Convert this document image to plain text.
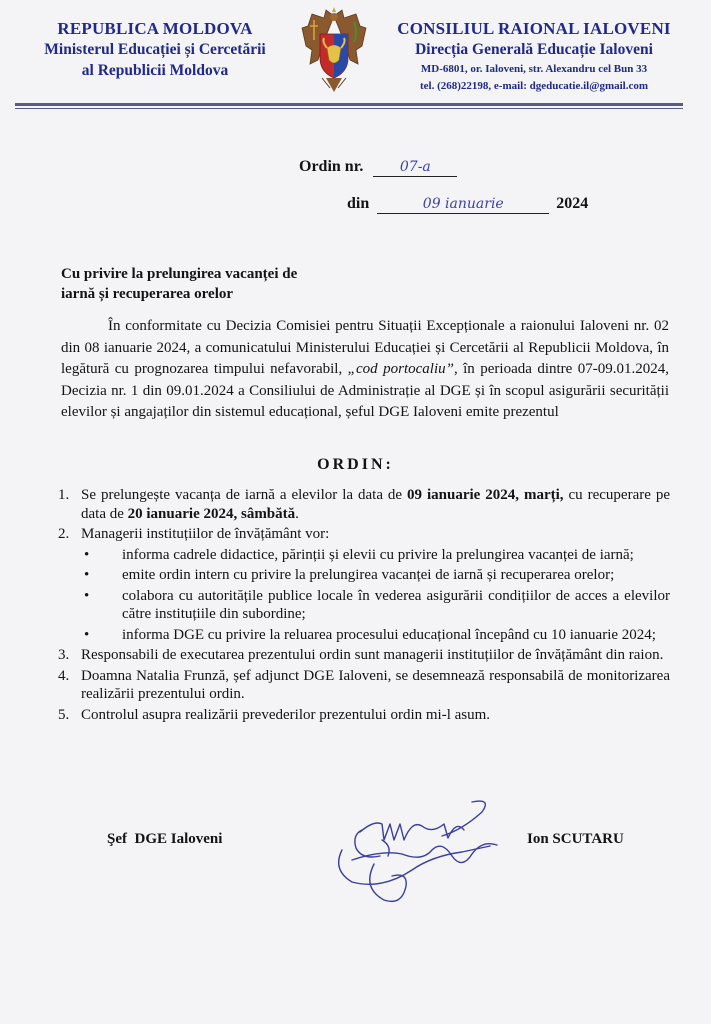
REPUBLICA MOLDOVA
Ministerul Educației și Cercetării
al Republicii Moldova
CONSILIUL RAIONAL IALOVENI
Direcția Generală Educație Ialoveni
MD-6801, or. Ialoveni, str. Alexandru cel Bun 33
tel. (268)22198, e-mail: dgeducatie.il@gmail.com
Ordin nr.	07-a
din	09 ianuarie	2024
Cu privire la prelungirea vacanței de
iarnă și recuperarea orelor
În conformitate cu Decizia Comisiei pentru Situații Excepționale a raionului Ialoveni nr. 02 din 08 ianuarie 2024, a comunicatului Ministerului Educației și Cercetării al Republicii Moldova, în legătură cu prognozarea timpului nefavorabil, „cod portocaliu”, în perioada dintre 07-09.01.2024, Decizia nr. 1 din 09.01.2024 a Consiliului de Administrație al DGE și în scopul asigurării securității elevilor și angajaților din sistemul educațional, șeful DGE Ialoveni emite prezentul
ORDIN:
1. Se prelungește vacanța de iarnă a elevilor la data de 09 ianuarie 2024, marți, cu recuperare pe data de 20 ianuarie 2024, sâmbătă.
2. Managerii instituțiilor de învățământ vor:
• informa cadrele didactice, părinții și elevii cu privire la prelungirea vacanței de iarnă;
• emite ordin intern cu privire la prelungirea vacanței de iarnă și recuperarea orelor;
• colabora cu autoritățile publice locale în vederea asigurării condițiilor de acces a elevilor către instituțiile din subordine;
• informa DGE cu privire la reluarea procesului educațional începând cu 10 ianuarie 2024;
3. Responsabili de executarea prezentului ordin sunt managerii instituțiilor de învățământ din raion.
4. Doamna Natalia Frunză, șef adjunct DGE Ialoveni, se desemnează responsabilă de monitorizarea realizării prezentului ordin.
5. Controlul asupra realizării prevederilor prezentului ordin mi-l asum.
Şef  DGE Ialoveni	Ion SCUTARU
